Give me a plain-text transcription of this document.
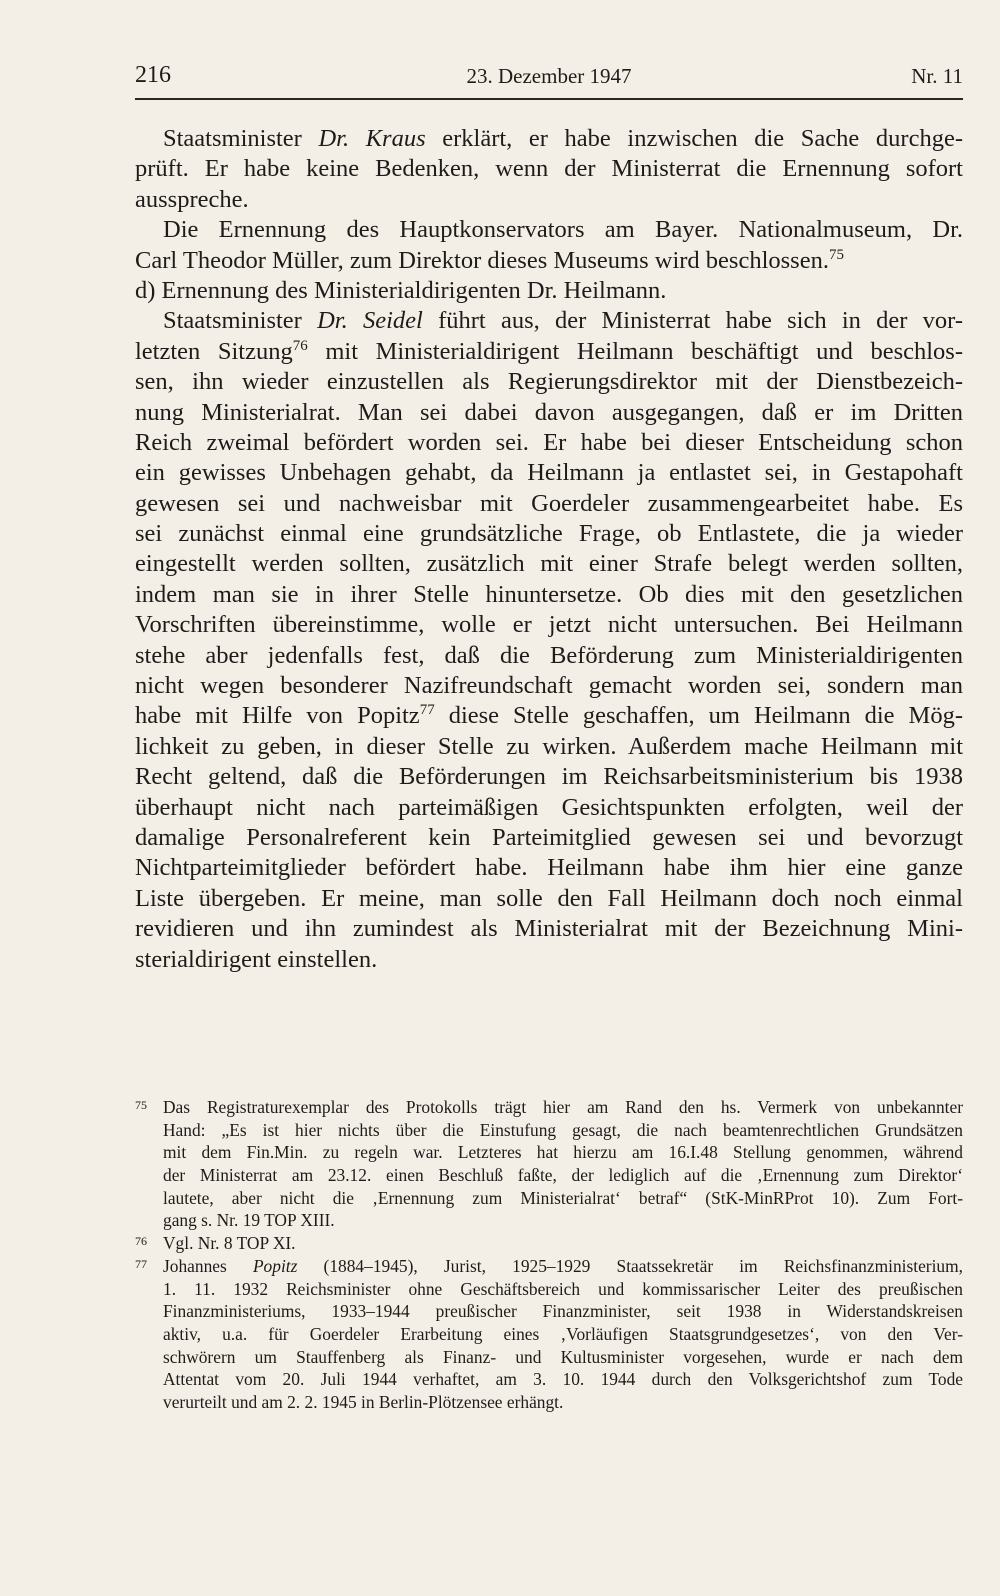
216	23. Dezember 1947	Nr. 11
Staatsminister Dr. Kraus erklärt, er habe inzwischen die Sache durchge-
prüft. Er habe keine Bedenken, wenn der Ministerrat die Ernennung sofort
ausspreche.
Die Ernennung des Hauptkonservators am Bayer. Nationalmuseum, Dr.
Carl Theodor Müller, zum Direktor dieses Museums wird beschlossen.$^{75}$
d) Ernennung des Ministerialdirigenten Dr. Heilmann.
Staatsminister Dr. Seidel führt aus, der Ministerrat habe sich in der vor-
letzten Sitzung$^{76}$ mit Ministerialdirigent Heilmann beschäftigt und beschlos-
sen, ihn wieder einzustellen als Regierungsdirektor mit der Dienstbezeich-
nung Ministerialrat. Man sei dabei davon ausgegangen, daß er im Dritten
Reich zweimal befördert worden sei. Er habe bei dieser Entscheidung schon
ein gewisses Unbehagen gehabt, da Heilmann ja entlastet sei, in Gestapohaft
gewesen sei und nachweisbar mit Goerdeler zusammengearbeitet habe. Es
sei zunächst einmal eine grundsätzliche Frage, ob Entlastete, die ja wieder
eingestellt werden sollten, zusätzlich mit einer Strafe belegt werden sollten,
indem man sie in ihrer Stelle hinuntersetze. Ob dies mit den gesetzlichen
Vorschriften übereinstimme, wolle er jetzt nicht untersuchen. Bei Heilmann
stehe aber jedenfalls fest, daß die Beförderung zum Ministerialdirigenten
nicht wegen besonderer Nazifreundschaft gemacht worden sei, sondern man
habe mit Hilfe von Popitz$^{77}$ diese Stelle geschaffen, um Heilmann die Mög-
lichkeit zu geben, in dieser Stelle zu wirken. Außerdem mache Heilmann mit
Recht geltend, daß die Beförderungen im Reichsarbeitsministerium bis 1938
überhaupt nicht nach parteimäßigen Gesichtspunkten erfolgten, weil der
damalige Personalreferent kein Parteimitglied gewesen sei und bevorzugt
Nichtparteimitglieder befördert habe. Heilmann habe ihm hier eine ganze
Liste übergeben. Er meine, man solle den Fall Heilmann doch noch einmal
revidieren und ihn zumindest als Ministerialrat mit der Bezeichnung Mini-
sterialdirigent einstellen.
75 Das Registraturexemplar des Protokolls trägt hier am Rand den hs. Vermerk von unbekannter
Hand: „Es ist hier nichts über die Einstufung gesagt, die nach beamtenrechtlichen Grundsätzen
mit dem Fin.Min. zu regeln war. Letzteres hat hierzu am 16.I.48 Stellung genommen, während
der Ministerrat am 23.12. einen Beschluß faßte, der lediglich auf die ‚Ernennung zum Direktor‘
lautete, aber nicht die ‚Ernennung zum Ministerialrat‘ betraf“ (StK-MinRProt 10). Zum Fort-
gang s. Nr. 19 TOP XIII.
76 Vgl. Nr. 8 TOP XI.
77 Johannes Popitz (1884–1945), Jurist, 1925–1929 Staatssekretär im Reichsfinanzministerium,
1. 11. 1932 Reichsminister ohne Geschäftsbereich und kommissarischer Leiter des preußischen
Finanzministeriums, 1933–1944 preußischer Finanzminister, seit 1938 in Widerstandskreisen
aktiv, u.a. für Goerdeler Erarbeitung eines ‚Vorläufigen Staatsgrundgesetzes‘, von den Ver-
schwörern um Stauffenberg als Finanz- und Kultusminister vorgesehen, wurde er nach dem
Attentat vom 20. Juli 1944 verhaftet, am 3. 10. 1944 durch den Volksgerichtshof zum Tode
verurteilt und am 2. 2. 1945 in Berlin-Plötzensee erhängt.
